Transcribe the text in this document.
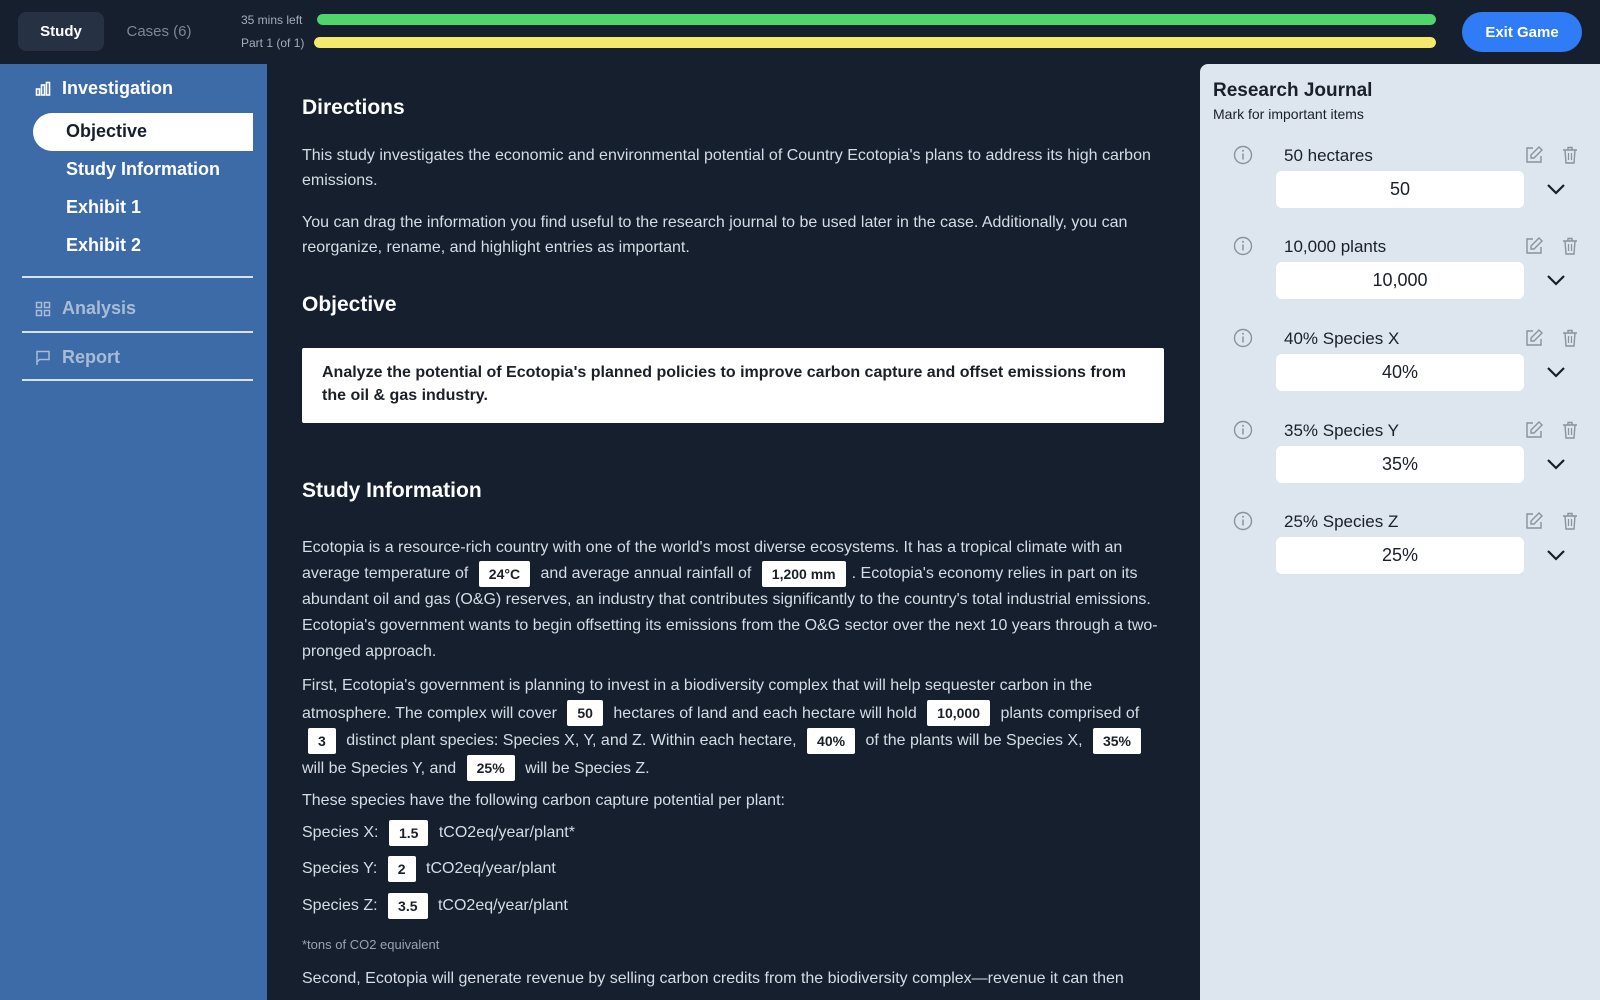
Study	Cases (6)
35 mins left
Part 1 (of 1)
Exit Game
Investigation
Objective
Study Information
Exhibit 1
Exhibit 2
Analysis
Report
Directions

This study investigates the economic and environmental potential of Country Ecotopia's plans to address its high carbon emissions.

You can drag the information you find useful to the research journal to be used later in the case. Additionally, you can reorganize, rename, and highlight entries as important.

Objective
Analyze the potential of Ecotopia's planned policies to improve carbon capture and offset emissions from the oil & gas industry.
Study Information

Ecotopia is a resource-rich country with one of the world's most diverse ecosystems. It has a tropical climate with an average temperature of 24°C and average annual rainfall of 1,200 mm . Ecotopia's economy relies in part on its abundant oil and gas (O&G) reserves, an industry that contributes significantly to the country's total industrial emissions. Ecotopia's government wants to begin offsetting its emissions from the O&G sector over the next 10 years through a two-pronged approach.

First, Ecotopia's government is planning to invest in a biodiversity complex that will help sequester carbon in the atmosphere. The complex will cover 50 hectares of land and each hectare will hold 10,000 plants comprised of 3 distinct plant species: Species X, Y, and Z. Within each hectare, 40% of the plants will be Species X, 35% will be Species Y, and 25% will be Species Z.

These species have the following carbon capture potential per plant:

Species X: 1.5 tCO2eq/year/plant*
Species Y: 2 tCO2eq/year/plant
Species Z: 3.5 tCO2eq/year/plant
*tons of CO2 equivalent

Second, Ecotopia will generate revenue by selling carbon credits from the biodiversity complex—revenue it can then

Research Journal
Mark for important items
50 hectares
50
10,000 plants
10,000
40% Species X
40%
35% Species Y
35%
25% Species Z
25%
